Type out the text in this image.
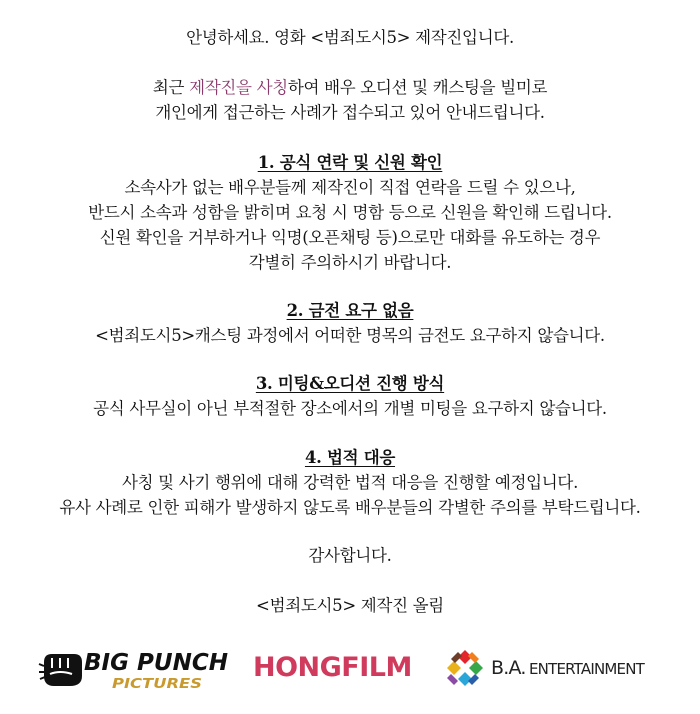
안녕하세요. 영화 <범죄도시5> 제작진입니다.
최근 제작진을 사칭하여 배우 오디션 및 캐스팅을 빌미로
개인에게 접근하는 사례가 접수되고 있어 안내드립니다.
1. 공식 연락 및 신원 확인
소속사가 없는 배우분들께 제작진이 직접 연락을 드릴 수 있으나,
반드시 소속과 성함을 밝히며 요청 시 명함 등으로 신원을 확인해 드립니다.
신원 확인을 거부하거나 익명(오픈채팅 등)으로만 대화를 유도하는 경우
각별히 주의하시기 바랍니다.
2. 금전 요구 없음
<범죄도시5>캐스팅 과정에서 어떠한 명목의 금전도 요구하지 않습니다.
3. 미팅&오디션 진행 방식
공식 사무실이 아닌 부적절한 장소에서의 개별 미팅을 요구하지 않습니다.
4. 법적 대응
사칭 및 사기 행위에 대해 강력한 법적 대응을 진행할 예정입니다.
유사 사례로 인한 피해가 발생하지 않도록 배우분들의 각별한 주의를 부탁드립니다.
감사합니다.
<범죄도시5> 제작진 올림
BIG PUNCH
PICTURES
HONGFILM	B.A. ENTERTAINMENT
